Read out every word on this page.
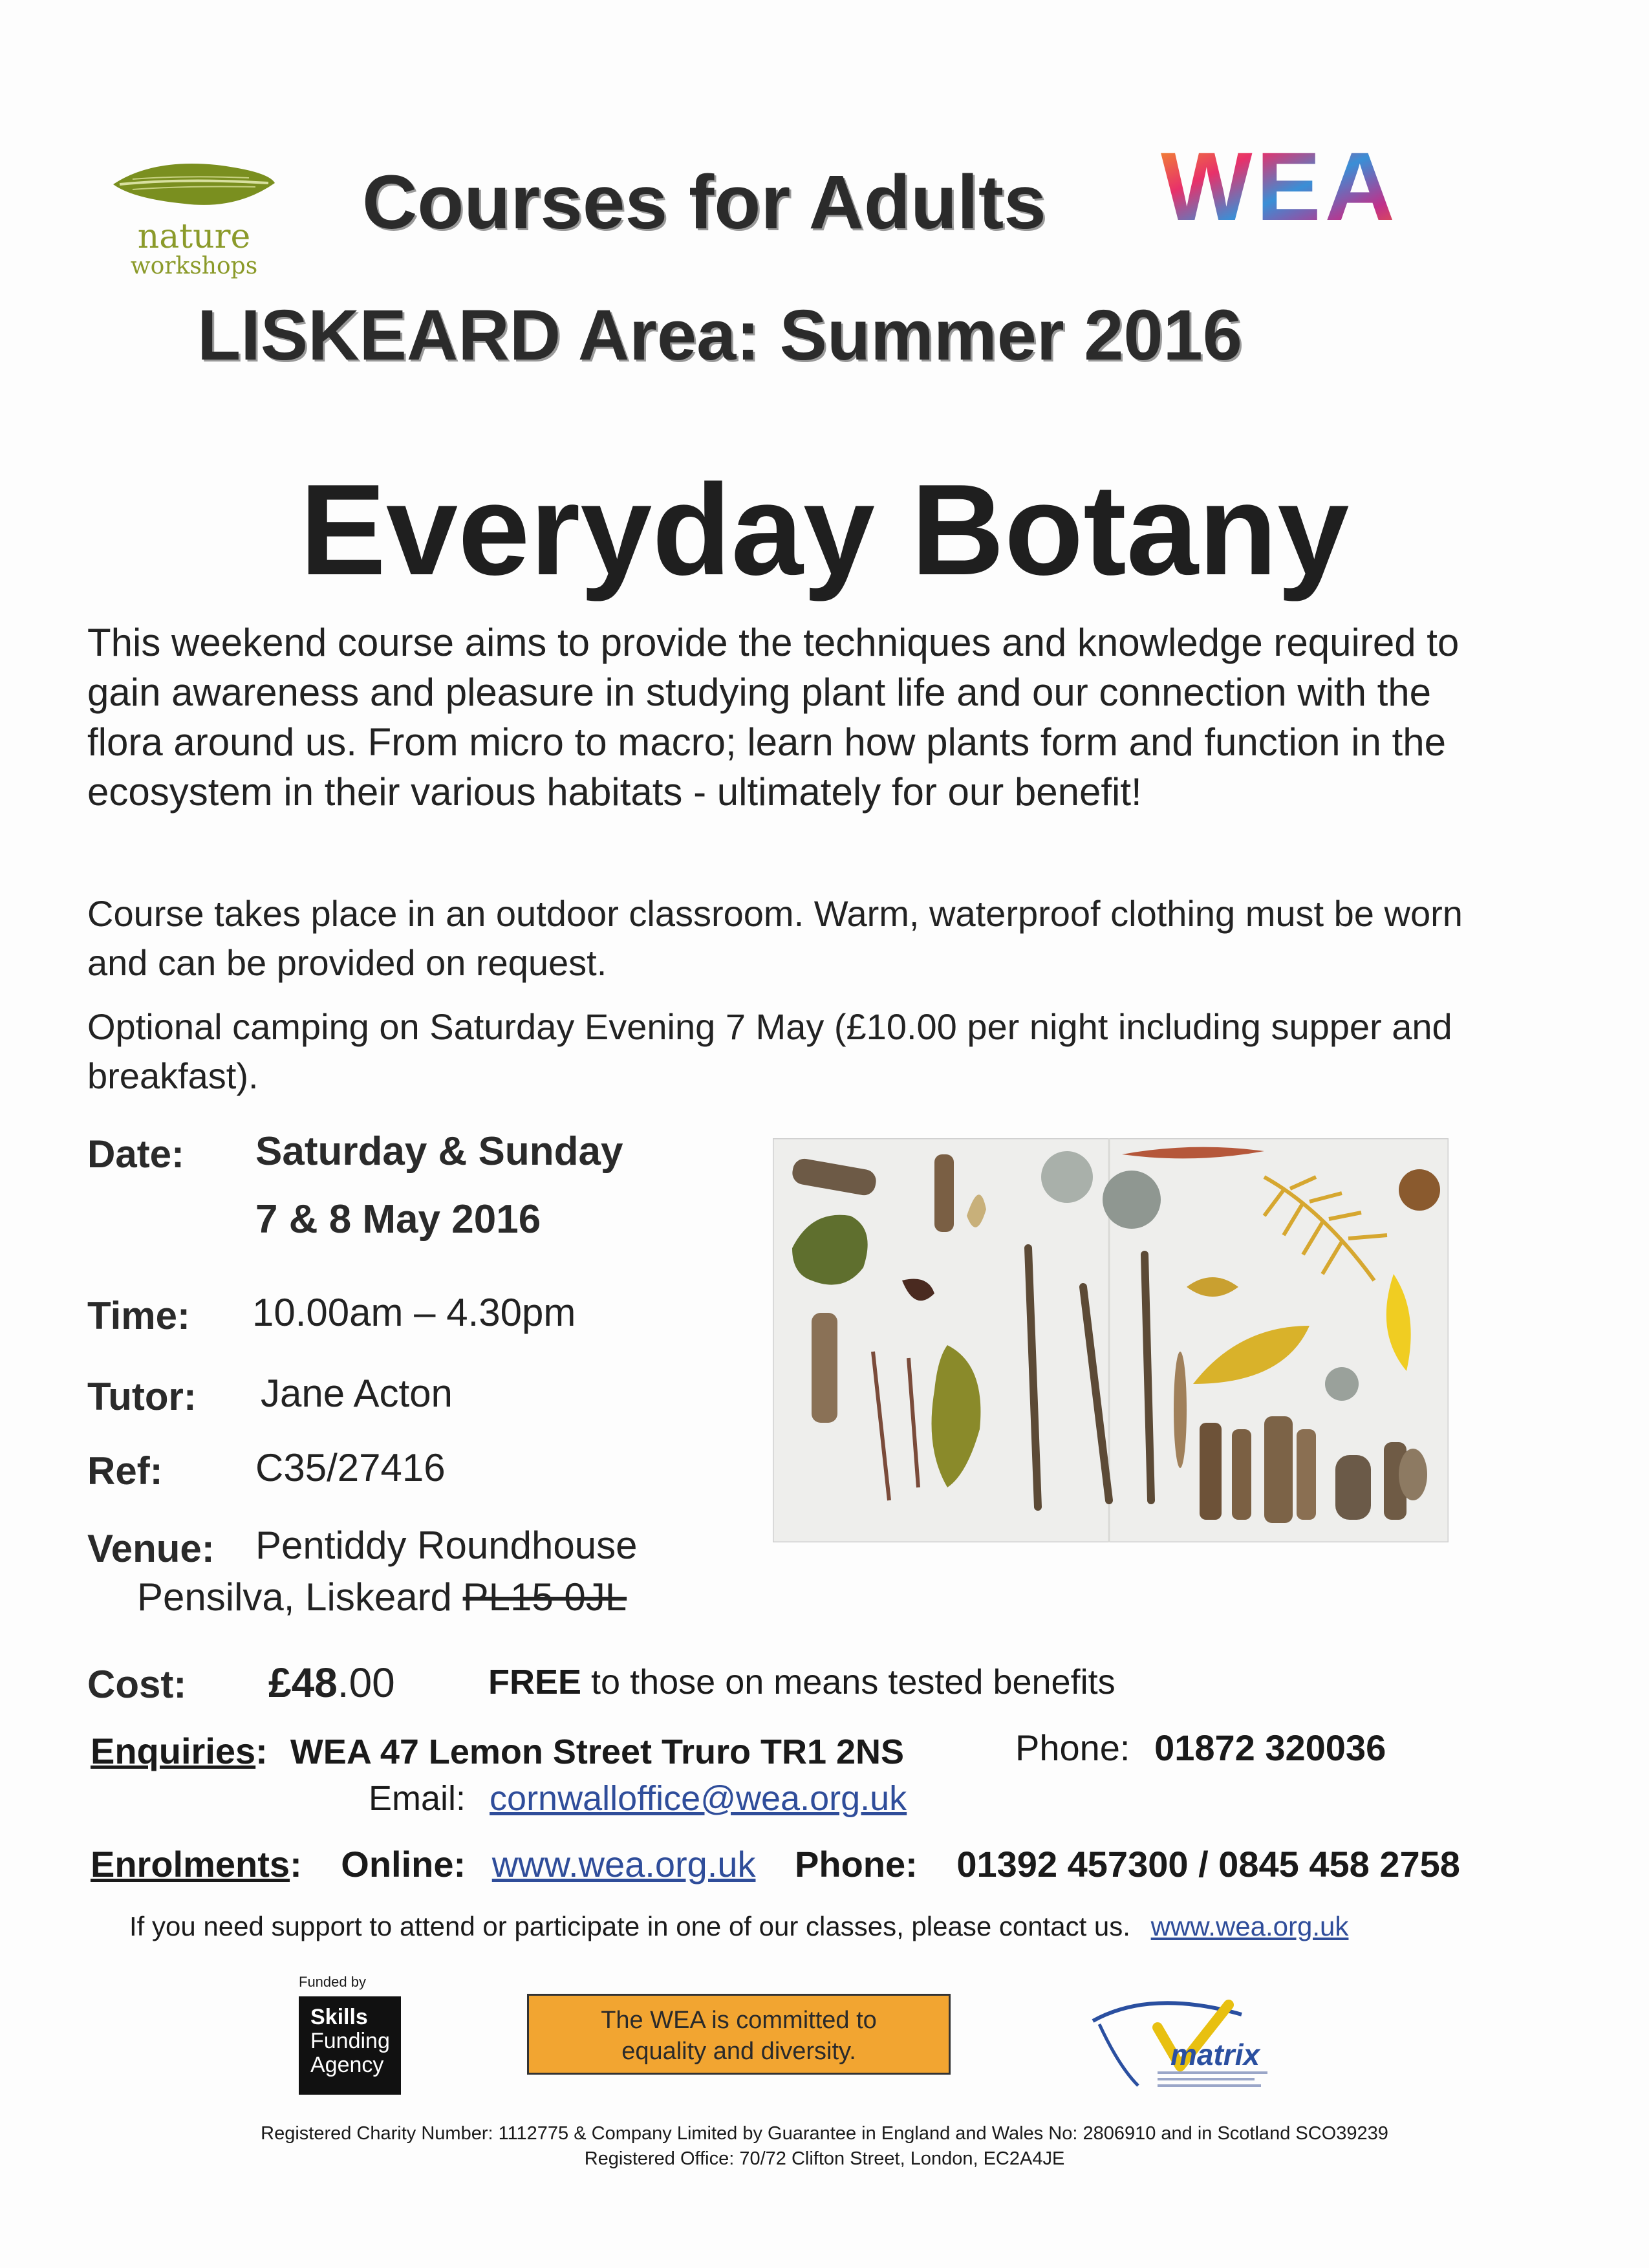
nature
workshops
Courses for Adults WEA
LISKEARD Area: Summer 2016
Everyday Botany
This weekend course aims to provide the techniques and knowledge required to gain awareness and pleasure in studying plant life and our connection with the flora around us. From micro to macro; learn how plants form and function in the ecosystem in their various habitats - ultimately for our benefit!
Course takes place in an outdoor classroom. Warm, waterproof clothing must be worn and can be provided on request.
Optional camping on Saturday Evening 7 May (£10.00 per night including supper and breakfast).
Date: Saturday & Sunday
7 & 8 May 2016
Time: 10.00am – 4.30pm
Tutor: Jane Acton
Ref: C35/27416
Venue: Pentiddy Roundhouse
Pensilva, Liskeard PL15 0JL
Cost: £48.00	FREE to those on means tested benefits
Enquiries: WEA 47 Lemon Street Truro TR1 2NS	Phone: 01872 320036
Email: cornwalloffice@wea.org.uk
Enrolments: Online: www.wea.org.uk Phone: 01392 457300 / 0845 458 2758
If you need support to attend or participate in one of our classes, please contact us. www.wea.org.uk
Funded by
Skills
Funding
Agency
The WEA is committed to
equality and diversity.	matrix
Registered Charity Number: 1112775 & Company Limited by Guarantee in England and Wales No: 2806910 and in Scotland SCO39239
Registered Office: 70/72 Clifton Street, London, EC2A4JE
